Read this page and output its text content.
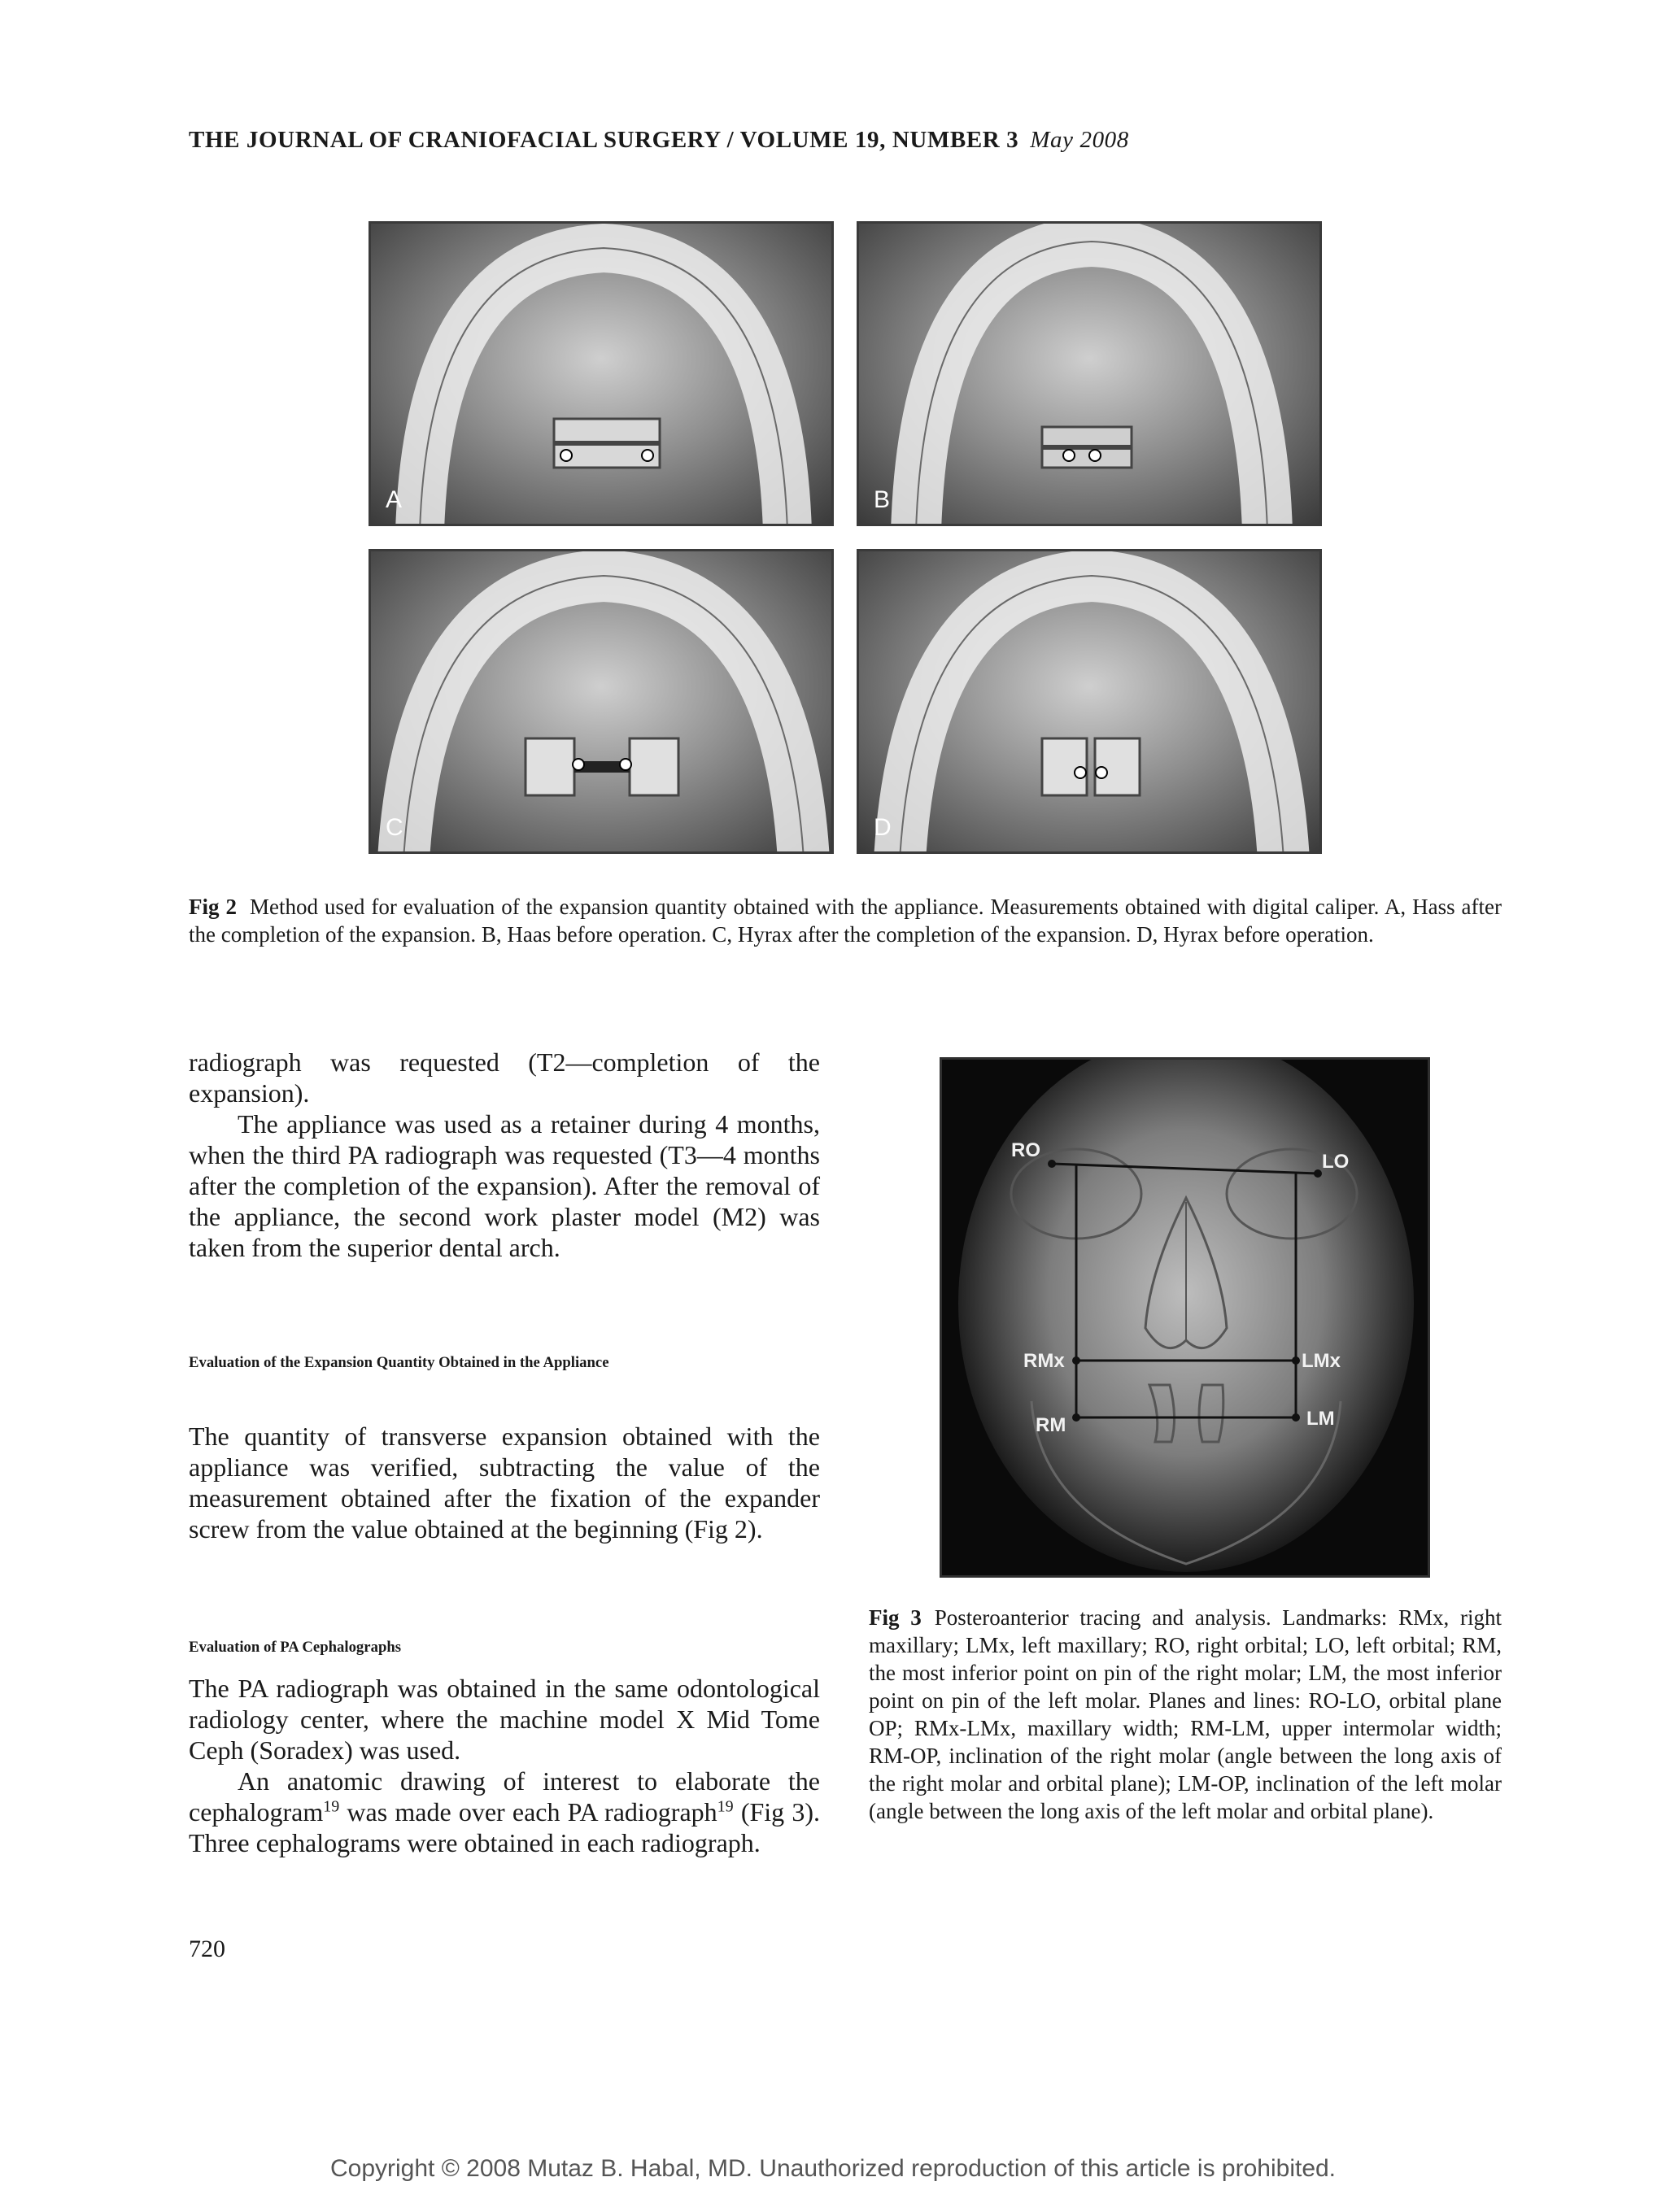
THE JOURNAL OF CRANIOFACIAL SURGERY / VOLUME 19, NUMBER 3 May 2008
A	B
C	D
Fig 2 Method used for evaluation of the expansion quantity obtained with the appliance. Measurements obtained with digital caliper. A, Hass after the completion of the expansion. B, Haas before operation. C, Hyrax after the completion of the expansion. D, Hyrax before operation.

radiograph was requested (T2—completion of the expansion).

The appliance was used as a retainer during 4 months, when the third PA radiograph was requested (T3—4 months after the completion of the expansion). After the removal of the appliance, the second work plaster model (M2) was taken from the superior dental arch.

Evaluation of the Expansion Quantity Obtained in the Appliance

The quantity of transverse expansion obtained with the appliance was verified, subtracting the value of the measurement obtained after the fixation of the expander screw from the value obtained at the beginning (Fig 2).

Evaluation of PA Cephalographs

The PA radiograph was obtained in the same odontological radiology center, where the machine model X Mid Tome Ceph (Soradex) was used.

An anatomic drawing of interest to elaborate the cephalogram$^{19}$ was made over each PA radiograph$^{19}$ (Fig 3). Three cephalograms were obtained in each radiograph.

RO
LO
RMx	LMx
RM	LM
Fig 3 Posteroanterior tracing and analysis. Landmarks: RMx, right maxillary; LMx, left maxillary; RO, right orbital; LO, left orbital; RM, the most inferior point on pin of the right molar; LM, the most inferior point on pin of the left molar. Planes and lines: RO-LO, orbital plane OP; RMx-LMx, maxillary width; RM-LM, upper intermolar width; RM-OP, inclination of the right molar (angle between the long axis of the right molar and orbital plane); LM-OP, inclination of the left molar (angle between the long axis of the left molar and orbital plane).
720
Copyright © 2008 Mutaz B. Habal, MD. Unauthorized reproduction of this article is prohibited.
